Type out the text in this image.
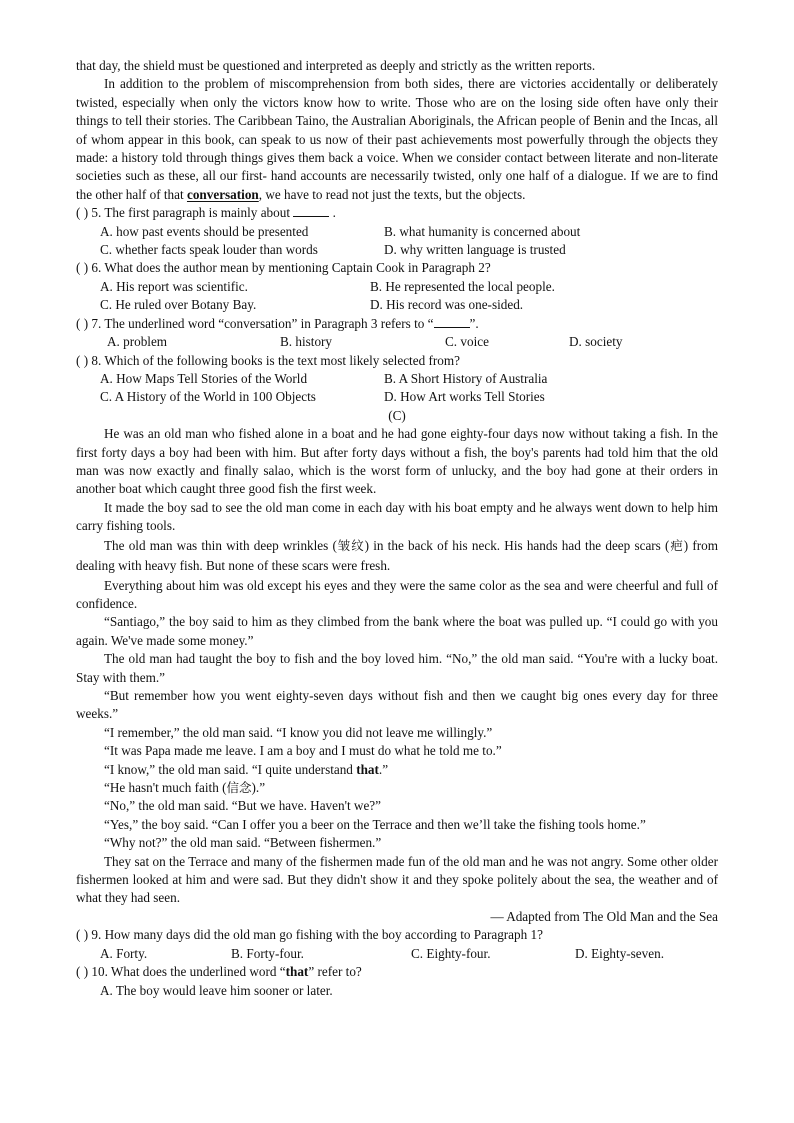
that day, the shield must be questioned and interpreted as deeply and strictly as the written reports.

In addition to the problem of miscomprehension from both sides, there are victories accidentally or deliberately twisted, especially when only the victors know how to write. Those who are on the losing side often have only their things to tell their stories. The Caribbean Taino, the Australian Aboriginals, the African people of Benin and the Incas, all of whom appear in this book, can speak to us now of their past achievements most powerfully through the objects they made: a history told through things gives them back a voice. When we consider contact between literate and non-literate societies such as these, all our first- hand accounts are necessarily twisted, only one half of a dialogue. If we are to find the other half of that conversation, we have to read not just the texts, but the objects.

( ) 5. The first paragraph is mainly about	.

A. how past events should be presented	B. what humanity is concerned about
C. whether facts speak louder than words	D. why written language is trusted

( ) 6. What does the author mean by mentioning Captain Cook in Paragraph 2?

A. His report was scientific.	B. He represented the local people.
C. He ruled over Botany Bay.	D. His record was one-sided.

( ) 7. The underlined word “conversation” in Paragraph 3 refers to “	”.

A. problem	B. history	C. voice	D. society

( ) 8. Which of the following books is the text most likely selected from?

A. How Maps Tell Stories of the World	B. A Short History of Australia
C. A History of the World in 100 Objects	D. How Art works Tell Stories

(C)

He was an old man who fished alone in a boat and he had gone eighty-four days now without taking a fish. In the first forty days a boy had been with him. But after forty days without a fish, the boy's parents had told him that the old man was now exactly and finally salao, which is the worst form of unlucky, and the boy had gone at their orders in another boat which caught three good fish the first week.

It made the boy sad to see the old man come in each day with his boat empty and he always went down to help him carry fishing tools.

The old man was thin with deep wrinkles (皱纹) in the back of his neck. His hands had the deep scars (疤) from dealing with heavy fish. But none of these scars were fresh.

Everything about him was old except his eyes and they were the same color as the sea and were cheerful and full of confidence.

“Santiago,” the boy said to him as they climbed from the bank where the boat was pulled up. “I could go with you again. We've made some money.”

The old man had taught the boy to fish and the boy loved him. “No,” the old man said. “You're with a lucky boat. Stay with them.”

“But remember how you went eighty-seven days without fish and then we caught big ones every day for three weeks.”

“I remember,” the old man said. “I know you did not leave me willingly.”

“It was Papa made me leave. I am a boy and I must do what he told me to.”

“I know,” the old man said. “I quite understand that.”

“He hasn't much faith (信念).”

“No,” the old man said. “But we have. Haven't we?”

“Yes,” the boy said. “Can I offer you a beer on the Terrace and then we’ll take the fishing tools home.”

“Why not?” the old man said. “Between fishermen.”

They sat on the Terrace and many of the fishermen made fun of the old man and he was not angry. Some other older fishermen looked at him and were sad. But they didn't show it and they spoke politely about the sea, the weather and of what they had seen.

— Adapted from The Old Man and the Sea

( ) 9. How many days did the old man go fishing with the boy according to Paragraph 1?

A. Forty.	B. Forty-four.	C. Eighty-four.	D. Eighty-seven.

( ) 10. What does the underlined word “that” refer to?

A. The boy would leave him sooner or later.
